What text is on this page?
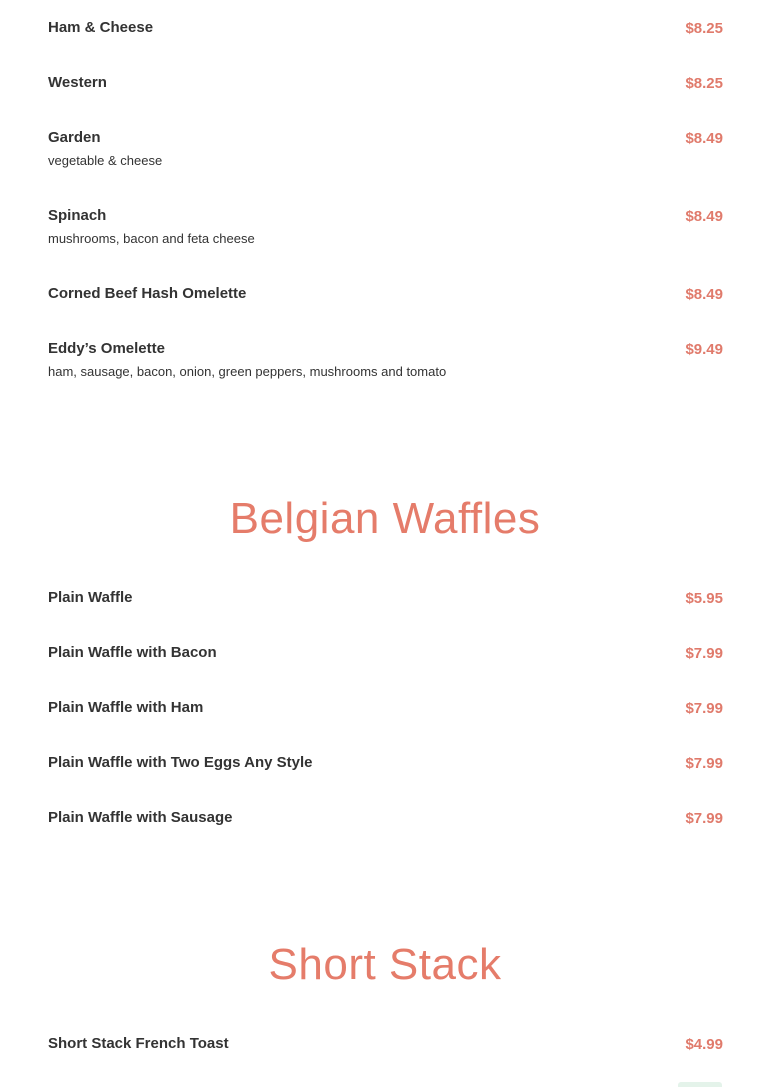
Ham & Cheese	$8.25
Western	$8.25
Garden	$8.49
vegetable & cheese
Spinach	$8.49
mushrooms, bacon and feta cheese
Corned Beef Hash Omelette	$8.49
Eddy’s Omelette	$9.49
ham, sausage, bacon, onion, green peppers, mushrooms and tomato
Belgian Waffles
Plain Waffle	$5.95
Plain Waffle with Bacon	$7.99
Plain Waffle with Ham	$7.99
Plain Waffle with Two Eggs Any Style	$7.99
Plain Waffle with Sausage	$7.99
Short Stack
Short Stack French Toast	$4.99
